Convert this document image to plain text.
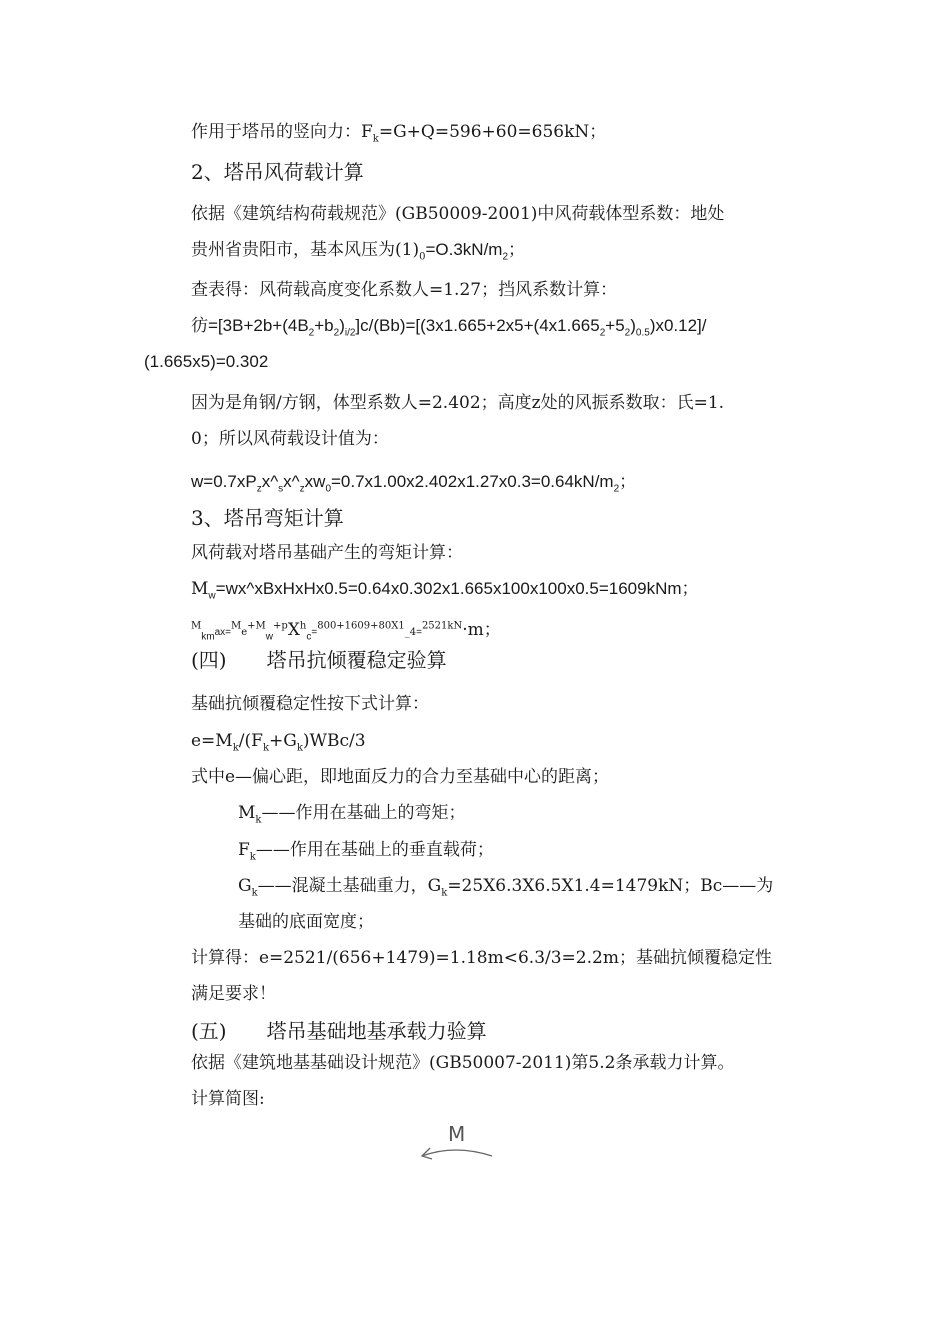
作用于塔吊的竖向力：$F_k=G+Q=596+60=656kN$；
2、塔吊风荷载计算
依据《建筑结构荷载规范》(GB50009-2001)中风荷载体型系数：地处
贵州省贵阳市，基本风压为$(1)_0=O.3kN/m_2$；
查表得：风荷载高度变化系数人=1.27；挡风系数计算：
彷$=[3B+2b+(4B_2+b_2)_{i/2}]c/(Bb)=[(3x1.665+2x5+(4x1.665_2+5_2)_{0.5})x0.12]/$
(1.665x5)=0.302
因为是角钢/方钢，体型系数人=2.402；高度z处的风振系数取：氏=1.
0；所以风荷载设计值为：
$w=0.7xP_zx\^{}_sx\^{}_zxw_0=0.7x1.00x2.402x1.27x0.3=0.64kN/m_2$；
3、塔吊弯矩计算
风荷载对塔吊基础产生的弯矩计算：
$M_w=wx\^{}xBxHxHx0.5=0.64x0.302x1.665x100x100x0.5=1609kNm$；
$^M_{km}ax=^Me^{+M}_w^{+p}X^h_c=^{800+1609+80X1}\_4=^{2521kN}\cdot m$；
(四) 塔吊抗倾覆稳定验算
基础抗倾覆稳定性按下式计算：
$e=M_k/(F_k+G_k)WBc/3$
式中e—偏心距，即地面反力的合力至基础中心的距离；
$M_k——$作用在基础上的弯矩；
$F_k——$作用在基础上的垂直载荷；
$G_k——$混凝土基础重力，$G_k=25X6.3X6.5X1.4=1479kN$；Bc——为
基础的底面宽度；
计算得：e=2521/(656+1479)=1.18m<6.3/3=2.2m；基础抗倾覆稳定性
满足要求！
(五) 塔吊基础地基承载力验算
依据《建筑地基基础设计规范》(GB50007-2011)第5.2条承载力计算。
计算简图:
M
